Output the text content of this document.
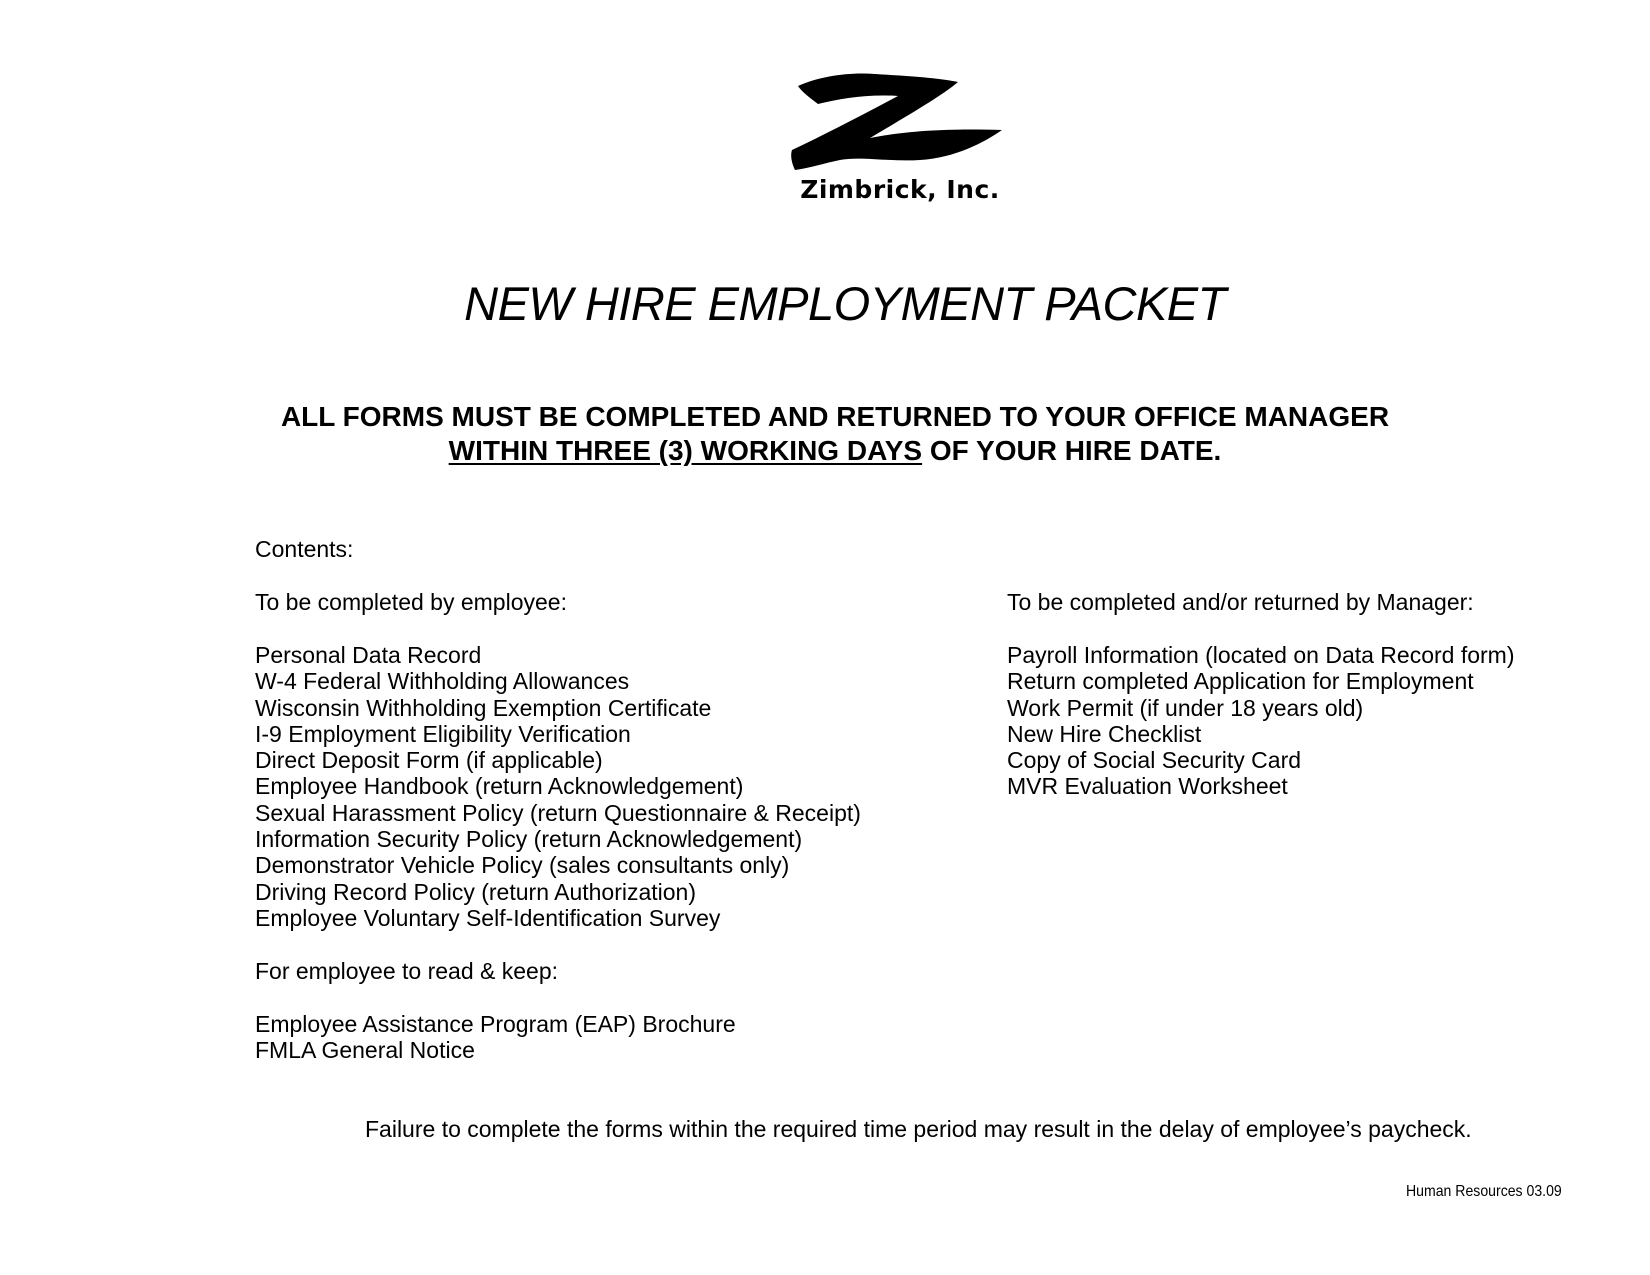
Zimbrick, Inc.
NEW HIRE EMPLOYMENT PACKET
ALL FORMS MUST BE COMPLETED AND RETURNED TO YOUR OFFICE MANAGER
WITHIN THREE (3) WORKING DAYS OF YOUR HIRE DATE.
Contents:
To be completed by employee:
Personal Data Record
W-4 Federal Withholding Allowances
Wisconsin Withholding Exemption Certificate
I-9 Employment Eligibility Verification
Direct Deposit Form (if applicable)
Employee Handbook (return Acknowledgement)
Sexual Harassment Policy (return Questionnaire & Receipt)
Information Security Policy (return Acknowledgement)
Demonstrator Vehicle Policy (sales consultants only)
Driving Record Policy (return Authorization)
Employee Voluntary Self-Identification Survey
To be completed and/or returned by Manager:
Payroll Information (located on Data Record form)
Return completed Application for Employment
Work Permit (if under 18 years old)
New Hire Checklist
Copy of Social Security Card
MVR Evaluation Worksheet
For employee to read & keep:
Employee Assistance Program (EAP) Brochure
FMLA General Notice
Failure to complete the forms within the required time period may result in the delay of employee’s paycheck.
Human Resources 03.09
